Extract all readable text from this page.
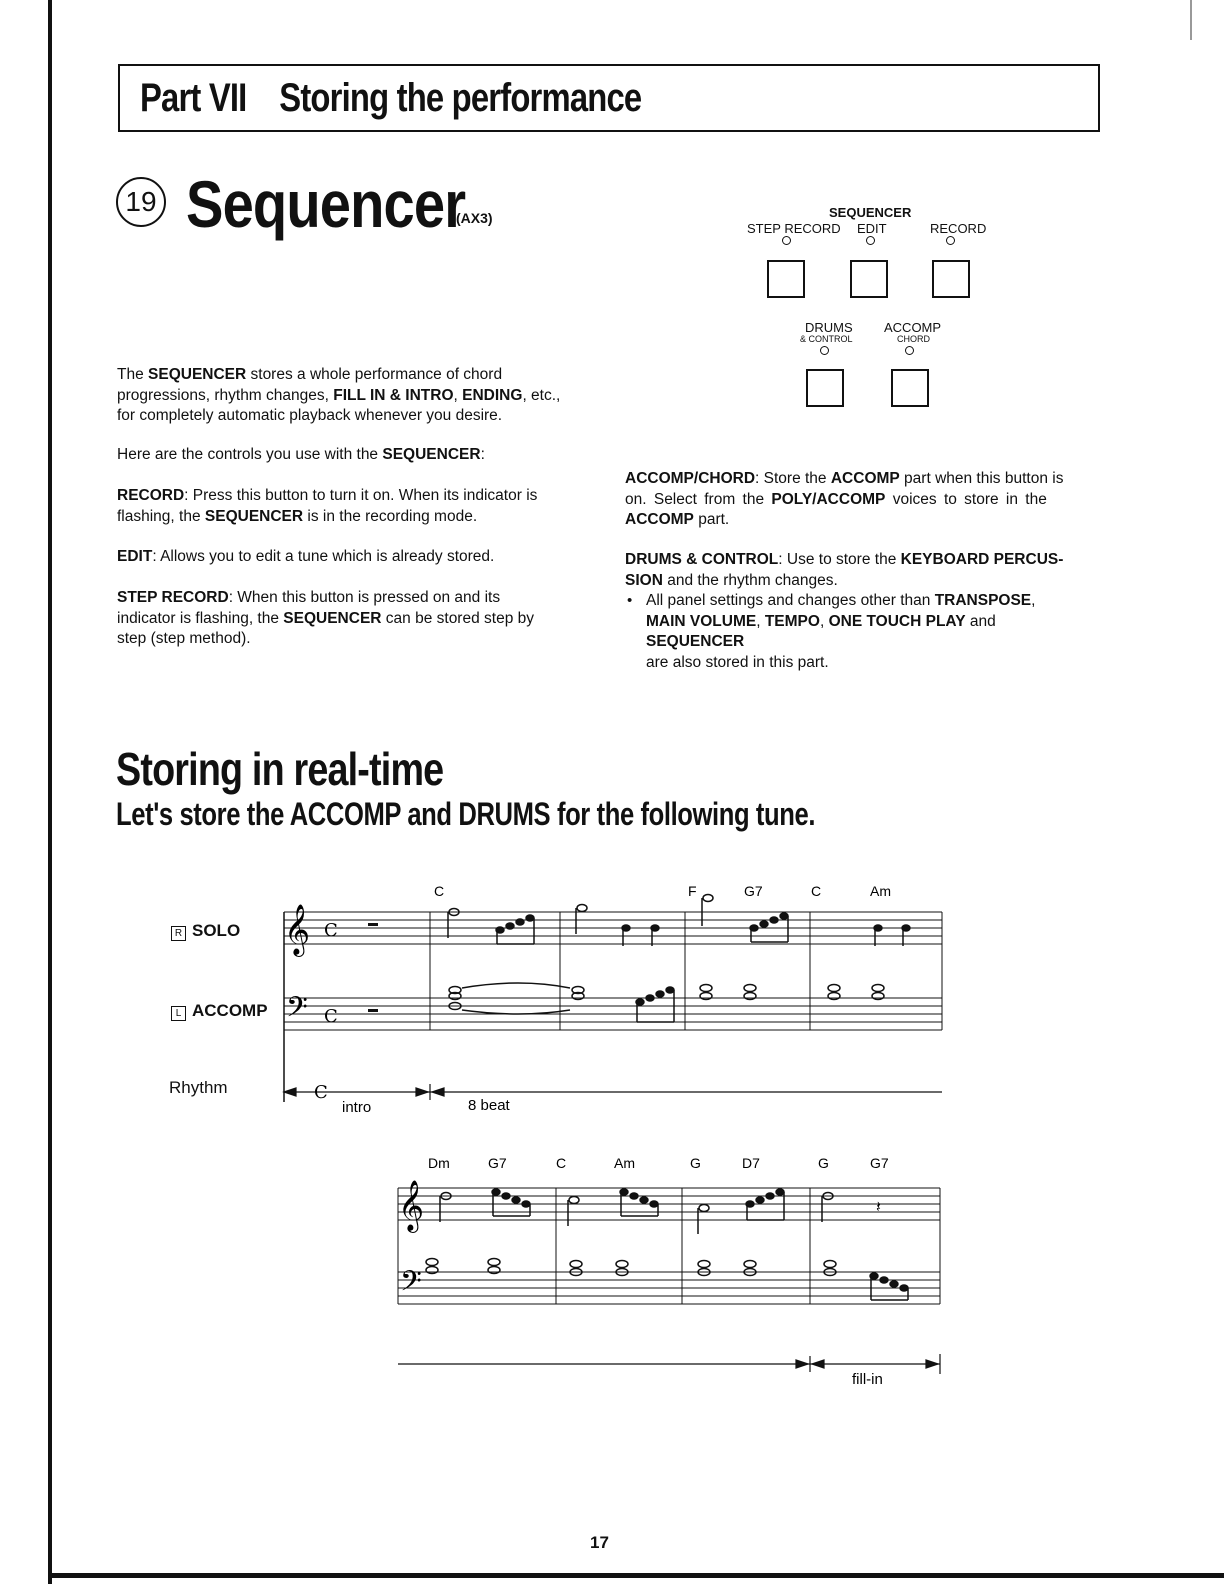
Part VII Storing the performance
19 Sequencer
(AX3)	SEQUENCER
STEP RECORD EDIT	RECORD
DRUMS
& CONTROL
ACCOMP
CHORD
The SEQUENCER stores a whole performance of chord
progressions, rhythm changes, FILL IN & INTRO, ENDING, etc.,
for completely automatic playback whenever you desire.
Here are the controls you use with the SEQUENCER:
RECORD: Press this button to turn it on. When its indicator is
flashing, the SEQUENCER is in the recording mode.
EDIT: Allows you to edit a tune which is already stored.
STEP RECORD: When this button is pressed on and its
indicator is flashing, the SEQUENCER can be stored step by
step (step method).
ACCOMP/CHORD: Store the ACCOMP part when this button is
on. Select from the POLY/ACCOMP voices to store in the
ACCOMP part.
DRUMS & CONTROL: Use to store the KEYBOARD PERCUS-
SION and the rhythm changes.
• All panel settings and changes other than TRANSPOSE,
MAIN VOLUME, TEMPO, ONE TOUCH PLAY and SEQUENCER
are also stored in this part.
Storing in real-time
Let's store the ACCOMP and DRUMS for the following tune.
R SOLO
L ACCOMP
Rhythm
𝄞
𝄢
C
C
C	F	G7	C	Am
C
intro	8 beat
𝄞
𝄢
Dm	G7	C	Am	G	D7	G	G7
𝄽
fill-in
17
